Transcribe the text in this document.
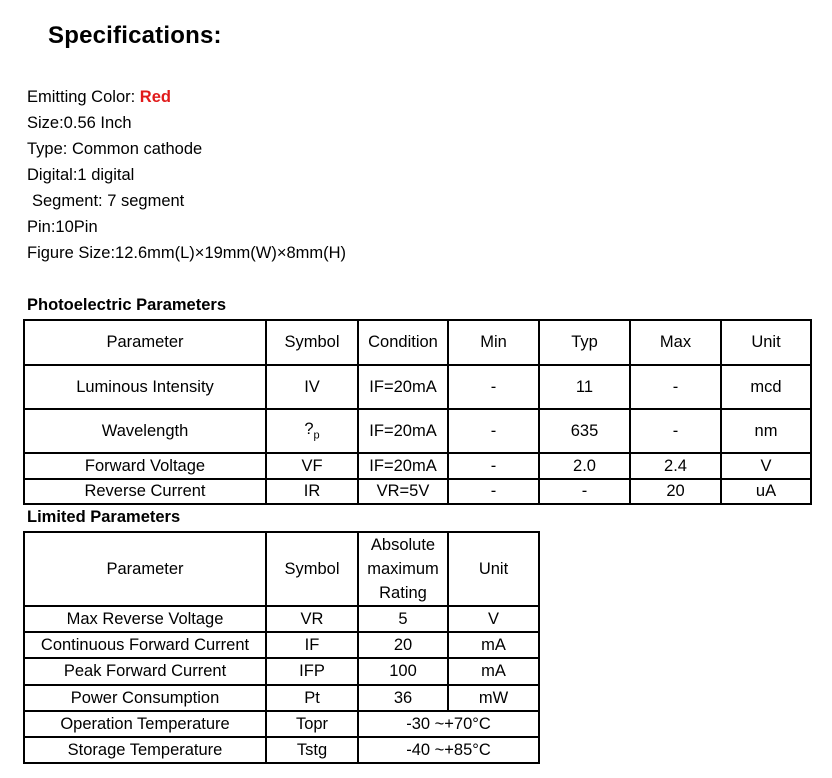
Specifications:
Emitting Color: Red
Size:0.56 Inch
Type: Common cathode
Digital:1 digital
Segment: 7 segment
Pin:10Pin
Figure Size:12.6mm(L)×19mm(W)×8mm(H)
Photoelectric Parameters
Parameter	Symbol	Condition	Min	Typ	Max	Unit
Luminous Intensity	IV	IF=20mA	-	11	-	mcd
Wavelength	$?_p$	IF=20mA	-	635	-	nm
Forward Voltage	VF	IF=20mA	-	2.0	2.4	V
Reverse Current	IR	VR=5V	-	-	20	uA
Limited Parameters
Parameter	Symbol	Absolute maximum Rating	Unit
Max Reverse Voltage	VR	5	V
Continuous Forward Current	IF	20	mA
Peak Forward Current	IFP	100	mA
Power Consumption	Pt	36	mW
Operation Temperature	Topr	-30 ~+70°C	
Storage Temperature	Tstg	-40 ~+85°C	
